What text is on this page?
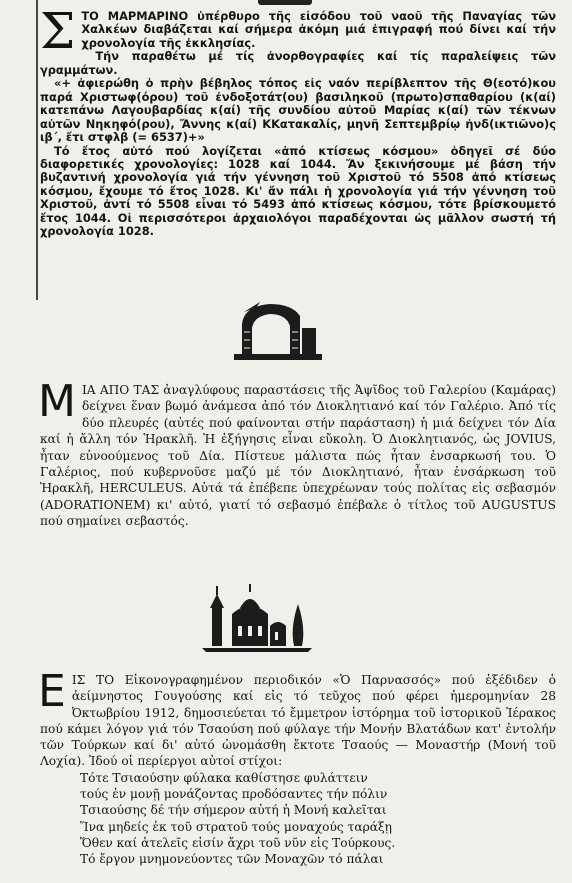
Σ ΤΟ ΜΑΡΜΑΡΙΝΟ ὑπέρθυρο τῆς εἰσόδου τοῦ ναοῦ τῆς Παναγίας τῶν Χαλκέων διαβάζεται καί σήμερα ἀκόμη μιά ἐπιγραφή πού δίνει καί τήν χρονολογία τῆς ἐκκλησίας.

Τήν παραθέτω μέ τίς ἀνορθογραφίες καί τίς παραλείψεις τῶν γραμμάτων.

«+ ἀφιερώθη ὁ πρὴν βέβηλος τόπος εἰς ναόν περίβλεπτον τῆς Θ(εοτό)κου παρά Χριστωφ(όρου) τοῦ ἐνδοξοτάτ(ου) βασιληκοῦ (πρωτο)σπαθαρίου (κ(αί) κατεπάνω Λαγουβαρδίας κ(αί) τῆς συνδίου αὐτοῦ Μαρίας κ(αί) τῶν τέκνων αὐτῶν Νηκηφό(ρου), Ἄννης κ(αί) ΚΚατακαλίς, μηνῆ Σεπτεμβρίῳ ἠνδ(ικτιῶνο)ς ιβ΄, ἔτι στφλβ (= 6537)+»

Τό ἔτος αὐτό πού λογίζεται «ἀπό κτίσεως κόσμου» ὁδηγεῖ σέ δύο διαφορετικές χρονολογίες: 1028 καί 1044. Ἄν ξεκινήσουμε μέ βάση τήν βυζαντινή χρονολογία γιά τήν γέννηση τοῦ Χριστοῦ τό 5508 ἀπό κτίσεως κόσμου, ἔχουμε τό ἔτος 1028. Κι' ἄν πάλι ἡ χρονολογία γιά τήν γέννηση τοῦ Χριστοῦ, ἀντί τό 5508 εἶναι τό 5493 ἀπό κτίσεως κόσμου, τότε βρίσκουμετό ἔτος 1044. Οἱ περισσότεροι ἀρχαιολόγοι παραδέχονται ὡς μᾶλλον σωστή τή χρονολογία 1028.

Μ ΙΑ ΑΠΟ ΤΑΣ ἀναγλύφους παραστάσεις τῆς Ἀψῖδος τοῦ Γαλερίου (Καμάρας) δείχνει ἕναν βωμό ἀνάμεσα ἀπό τόν Διοκλητιανό καί τόν Γαλέριο. Ἀπό τίς δύο πλευρές (αὐτές πού φαίνονται στήν παράσταση) ἡ μιά δείχνει τόν Δία καί ἡ ἄλλη τόν Ἡρακλῆ. Ἡ ἐξήγησις εἶναι εὔκολη. Ὁ Διοκλητιανός, ὡς JOVIUS, ἦταν εὐνοούμενος τοῦ Δία. Πίστευε μάλιστα πώς ἦταν ἐνσαρκωσή του. Ὁ Γαλέριος, πού κυβερνοῦσε μαζύ μέ τόν Διοκλητιανό, ἦταν ἐνσάρκωση τοῦ Ἡρακλῆ, HERCULEUS. Αὐτά τά ἐπέβεπε ὑπεχρέωναν τούς πολίτας εἰς σεβασμόν (ADORATIONEM) κι' αὐτό, γιατί τό σεβασμό ἐπέβαλε ὁ τίτλος τοῦ AUGUSTUS πού σημαίνει σεβαστός.

Ε ΙΣ ΤΟ Εἰκονογραφημένον περιοδικόν «Ὁ Παρνασσός» πού ἐξέδιδεν ὁ ἀείμνηστος Γουγούσης καί εἰς τό τεῦχος πού φέρει ἡμερομηνίαν 28 Ὀκτωβρίου 1912, δημοσιεύεται τό ἔμμετρον ἱστόρημα τοῦ ἱστορικοῦ Ἱέρακος πού κάμει λόγον γιά τόν Τσαούση πού φύλαγε τήν Μονήν Βλατάδων κατ' ἐντολήν τῶν Τούρκων καί δι' αὐτό ὠνομάσθη ἔκτοτε Τσαούς — Μοναστήρ (Μονή τοῦ Λοχία). Ἰδού οἱ περίεργοι αὐτοί στίχοι:

Τότε Τσιαούσην φύλακα καθίστησε φυλάττειν
τούς ἐν μονῇ μονάζοντας προδόσαντες τήν πόλιν
Τσιαούσης δέ τήν σήμερον αὐτή ἡ Μονή καλεῖται
Ἵνα μηδείς ἐκ τοῦ στρατοῦ τούς μοναχούς ταράξῃ
Ὅθεν καί ἀτελεῖς εἰσίν ἄχρι τοῦ νῦν εἰς Τούρκους.
Τό ἔργον μνημονεύοντες τῶν Μοναχῶν τό πάλαι
